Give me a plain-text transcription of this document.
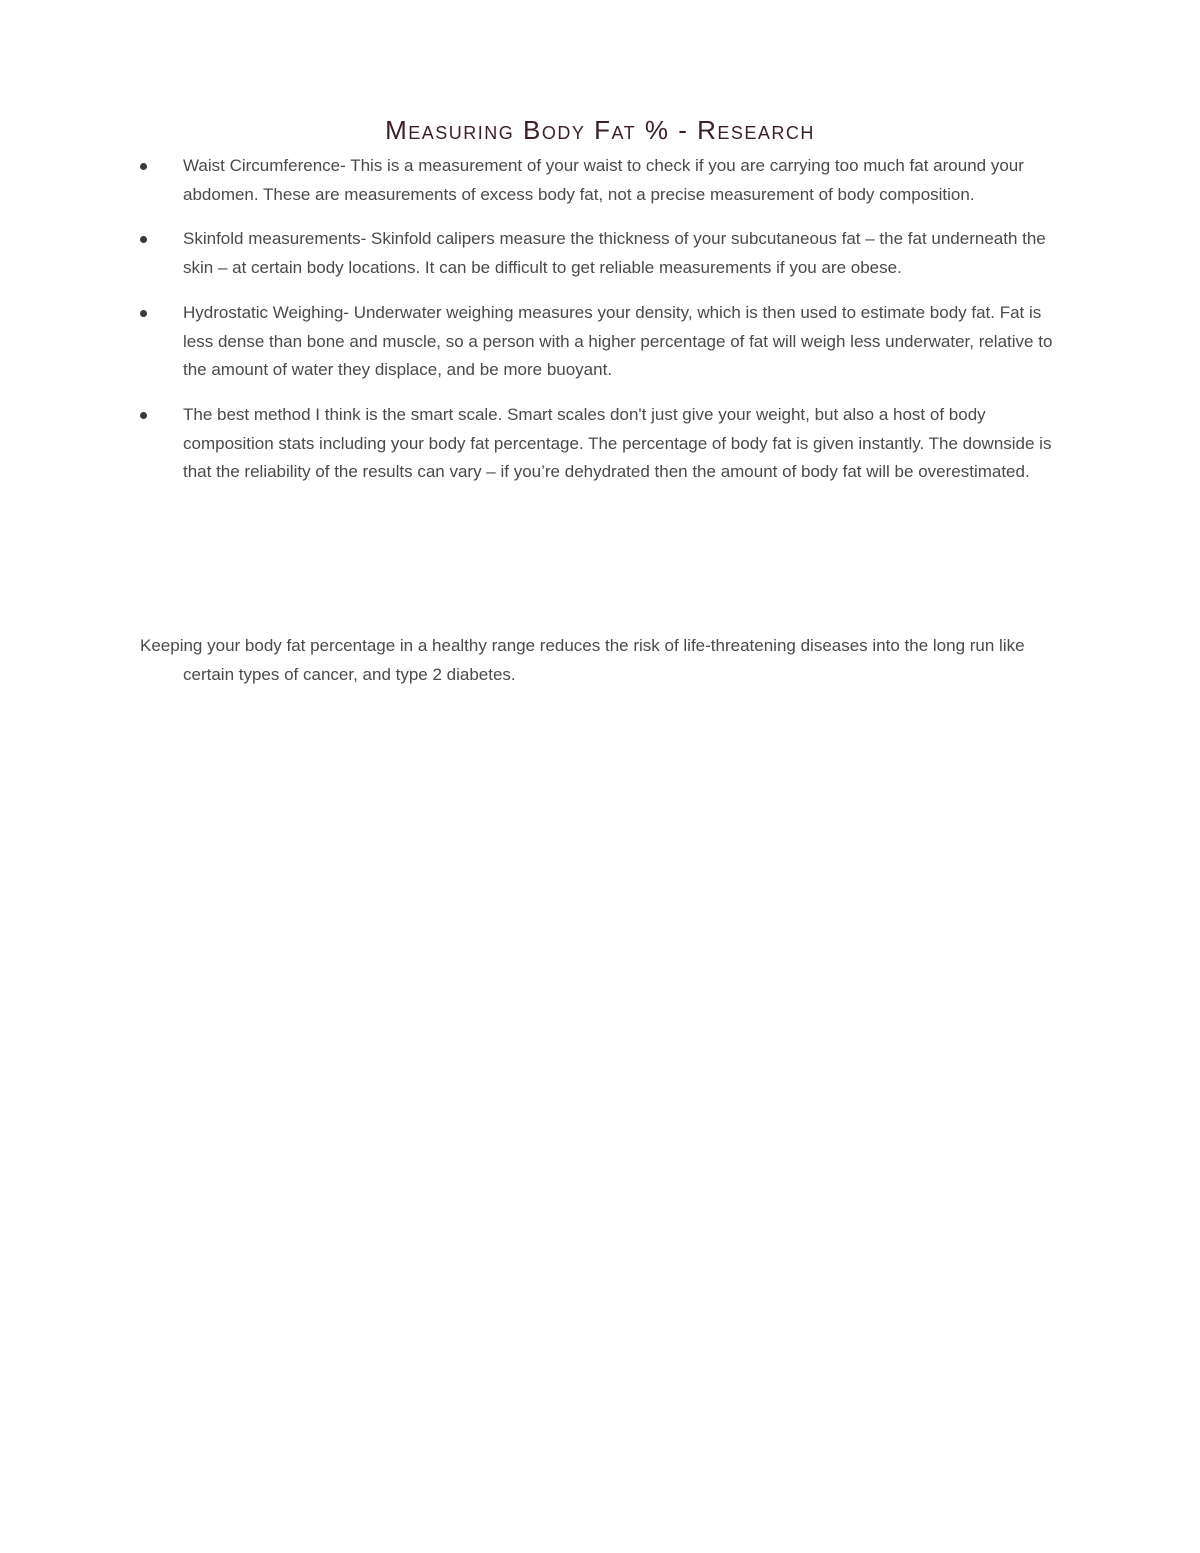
Measuring Body Fat % - Research
Waist Circumference- This is a measurement of your waist to check if you are carrying too much fat around your abdomen. These are measurements of excess body fat, not a precise measurement of body composition.
Skinfold measurements- Skinfold calipers measure the thickness of your subcutaneous fat – the fat underneath the skin – at certain body locations. It can be difficult to get reliable measurements if you are obese.
Hydrostatic Weighing- Underwater weighing measures your density, which is then used to estimate body fat. Fat is less dense than bone and muscle, so a person with a higher percentage of fat will weigh less underwater, relative to the amount of water they displace, and be more buoyant.
The best method I think is the smart scale. Smart scales don't just give your weight, but also a host of body composition stats including your body fat percentage. The percentage of body fat is given instantly. The downside is that the reliability of the results can vary – if you’re dehydrated then the amount of body fat will be overestimated.

Keeping your body fat percentage in a healthy range reduces the risk of life-threatening diseases into the long run like certain types of cancer, and type 2 diabetes.
